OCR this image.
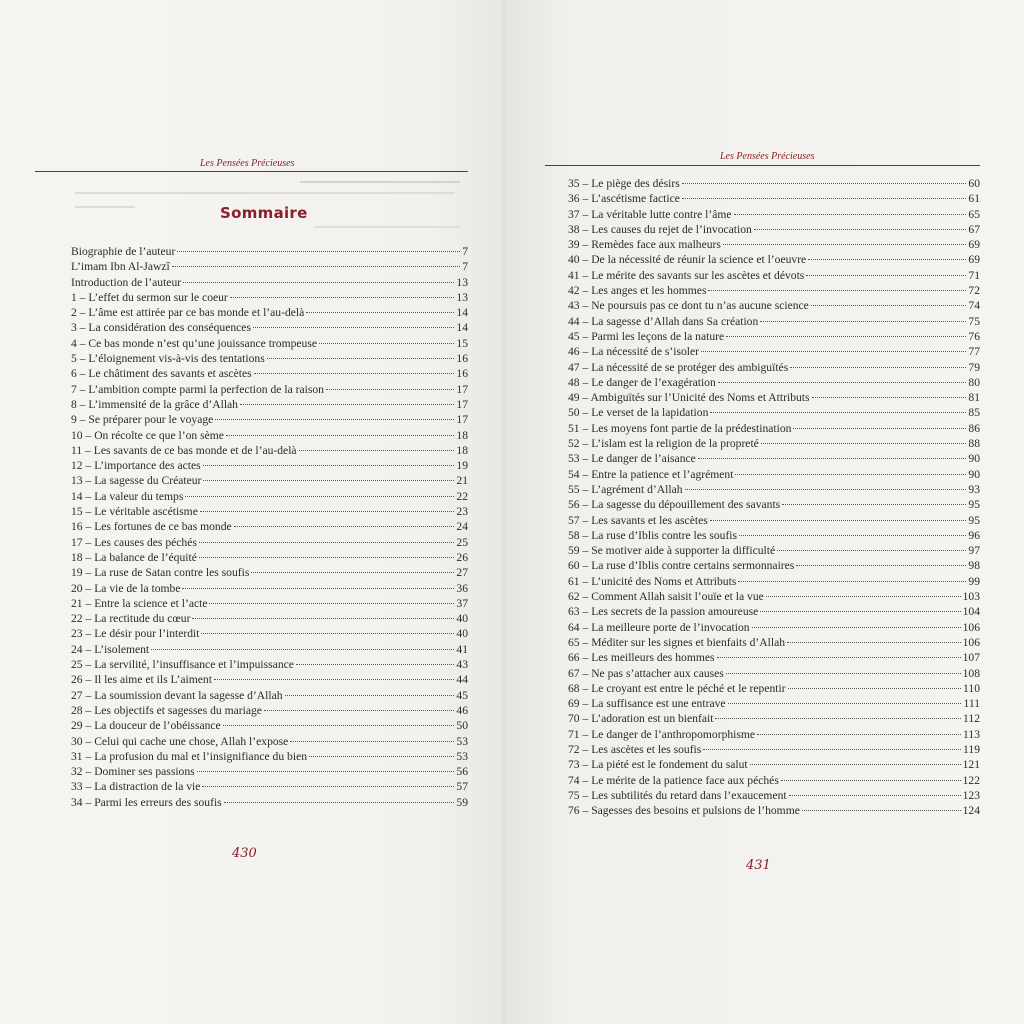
Les Pensées Précieuses
Sommaire
Biographie de l’auteur	7
L’imam Ibn Al-Jawzî	7
Introduction de l’auteur	13
1 – L’effet du sermon sur le coeur	13
2 – L’âme est attirée par ce bas monde et l’au-delà	14
3 – La considération des conséquences	14
4 – Ce bas monde n’est qu’une jouissance trompeuse	15
5 – L’éloignement vis-à-vis des tentations	16
6 – Le châtiment des savants et ascètes	16
7 – L’ambition compte parmi la perfection de la raison	17
8 – L’immensité de la grâce d’Allah	17
9 – Se préparer pour le voyage	17
10 – On récolte ce que l’on sème	18
11 – Les savants de ce bas monde et de l’au-delà	18
12 – L’importance des actes	19
13 – La sagesse du Créateur	21
14 – La valeur du temps	22
15 – Le véritable ascétisme	23
16 – Les fortunes de ce bas monde	24
17 – Les causes des péchés	25
18 – La balance de l’équité	26
19 – La ruse de Satan contre les soufis	27
20 – La vie de la tombe	36
21 – Entre la science et l’acte	37
22 – La rectitude du cœur	40
23 – Le désir pour l’interdit	40
24 – L’isolement	41
25 – La servilité, l’insuffisance et l’impuissance	43
26 – Il les aime et ils L’aiment	44
27 – La soumission devant la sagesse d’Allah	45
28 – Les objectifs et sagesses du mariage	46
29 – La douceur de l’obéissance	50
30 – Celui qui cache une chose, Allah l’expose	53
31 – La profusion du mal et l’insignifiance du bien	53
32 – Dominer ses passions	56
33 – La distraction de la vie	57
34 – Parmi les erreurs des soufis	59
430
Les Pensées Précieuses
35 – Le piège des désirs	60
36 – L’ascétisme factice	61
37 – La véritable lutte contre l’âme	65
38 – Les causes du rejet de l’invocation	67
39 – Remèdes face aux malheurs	69
40 – De la nécessité de réunir la science et l’oeuvre	69
41 – Le mérite des savants sur les ascètes et dévots	71
42 – Les anges et les hommes	72
43 – Ne poursuis pas ce dont tu n’as aucune science	74
44 – La sagesse d’Allah dans Sa création	75
45 – Parmi les leçons de la nature	76
46 – La nécessité de s’isoler	77
47 – La nécessité de se protéger des ambiguïtés	79
48 – Le danger de l’exagération	80
49 – Ambiguïtés sur l’Unicité des Noms et Attributs	81
50 – Le verset de la lapidation	85
51 – Les moyens font partie de la prédestination	86
52 – L’islam est la religion de la propreté	88
53 – Le danger de l’aisance	90
54 – Entre la patience et l’agrément	90
55 – L’agrément d’Allah	93
56 – La sagesse du dépouillement des savants	95
57 – Les savants et les ascètes	95
58 – La ruse d’Iblis contre les soufis	96
59 – Se motiver aide à supporter la difficulté	97
60 – La ruse d’Iblis contre certains sermonnaires	98
61 – L’unicité des Noms et Attributs	99
62 – Comment Allah saisit l’ouïe et la vue	103
63 – Les secrets de la passion amoureuse	104
64 – La meilleure porte de l’invocation	106
65 – Méditer sur les signes et bienfaits d’Allah	106
66 – Les meilleurs des hommes	107
67 – Ne pas s’attacher aux causes	108
68 – Le croyant est entre le péché et le repentir	110
69 – La suffisance est une entrave	111
70 – L’adoration est un bienfait	112
71 – Le danger de l’anthropomorphisme	113
72 – Les ascètes et les soufis	119
73 – La piété est le fondement du salut	121
74 – Le mérite de la patience face aux péchés	122
75 – Les subtilités du retard dans l’exaucement	123
76 – Sagesses des besoins et pulsions de l’homme	124
431
